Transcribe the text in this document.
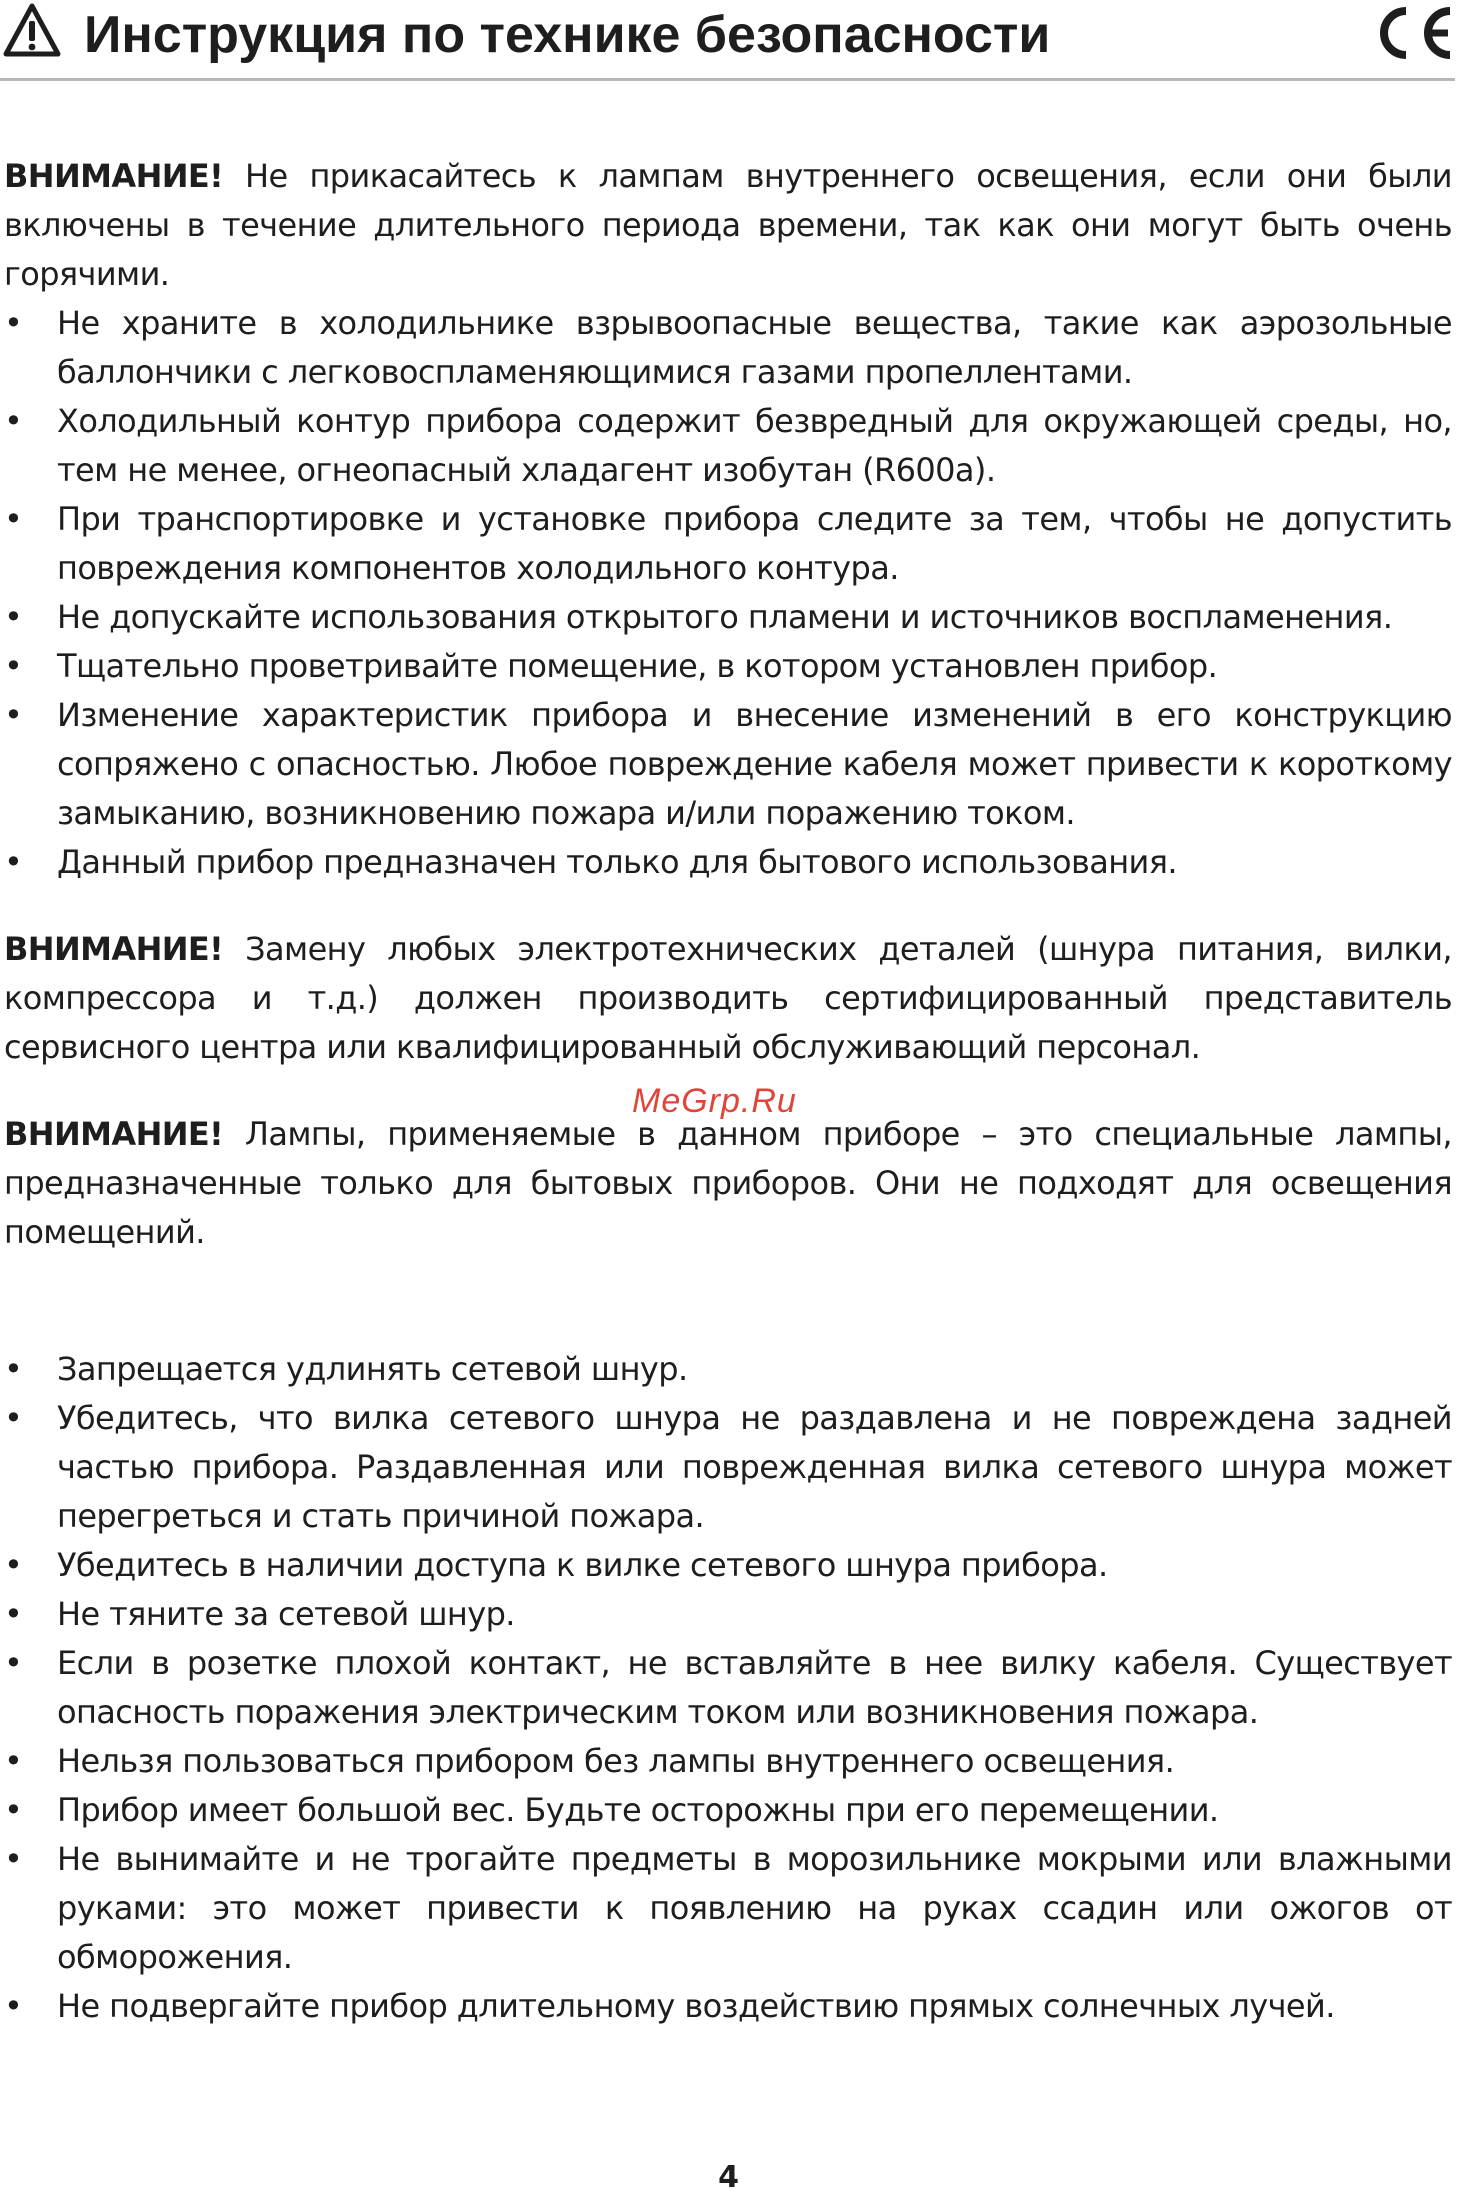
Инструкция по технике безопасности

ВНИМАНИЕ! Не прикасайтесь к лампам внутреннего освещения, если они были включены в течение длительного периода времени, так как они могут быть очень горячими.

• Не храните в холодильнике взрывоопасные вещества, такие как аэрозольные баллончики с легковоспламеняющимися газами пропеллентами.
• Холодильный контур прибора содержит безвредный для окружающей среды, но, тем не менее, огнеопасный хладагент изобутан (R600a).
• При транспортировке и установке прибора следите за тем, чтобы не допустить повреждения компонентов холодильного контура.
• Не допускайте использования открытого пламени и источников воспламенения.
• Тщательно проветривайте помещение, в котором установлен прибор.
• Изменение характеристик прибора и внесение изменений в его конструкцию сопряжено с опасностью. Любое повреждение кабеля может привести к короткому замыканию, возникновению пожара и/или поражению током.
• Данный прибор предназначен только для бытового использования.

ВНИМАНИЕ! Замену любых электротехнических деталей (шнура питания, вилки, компрессора и т.д.) должен производить сертифицированный представитель сервисного центра или квалифицированный обслуживающий персонал.

ВНИМАНИЕ! Лампы, применяемые в данном приборе – это специальные лампы, предназначенные только для бытовых приборов. Они не подходят для освещения помещений.

• Запрещается удлинять сетевой шнур.
• Убедитесь, что вилка сетевого шнура не раздавлена и не повреждена задней частью прибора. Раздавленная или поврежденная вилка сетевого шнура может перегреться и стать причиной пожара.
• Убедитесь в наличии доступа к вилке сетевого шнура прибора.
• Не тяните за сетевой шнур.
• Если в розетке плохой контакт, не вставляйте в нее вилку кабеля. Существует опасность поражения электрическим током или возникновения пожара.
• Нельзя пользоваться прибором без лампы внутреннего освещения.
• Прибор имеет большой вес. Будьте осторожны при его перемещении.
• Не вынимайте и не трогайте предметы в морозильнике мокрыми или влажными руками: это может привести к появлению на руках ссадин или ожогов от обморожения.
• Не подвергайте прибор длительному воздействию прямых солнечных лучей.
MeGrp.Ru
4
